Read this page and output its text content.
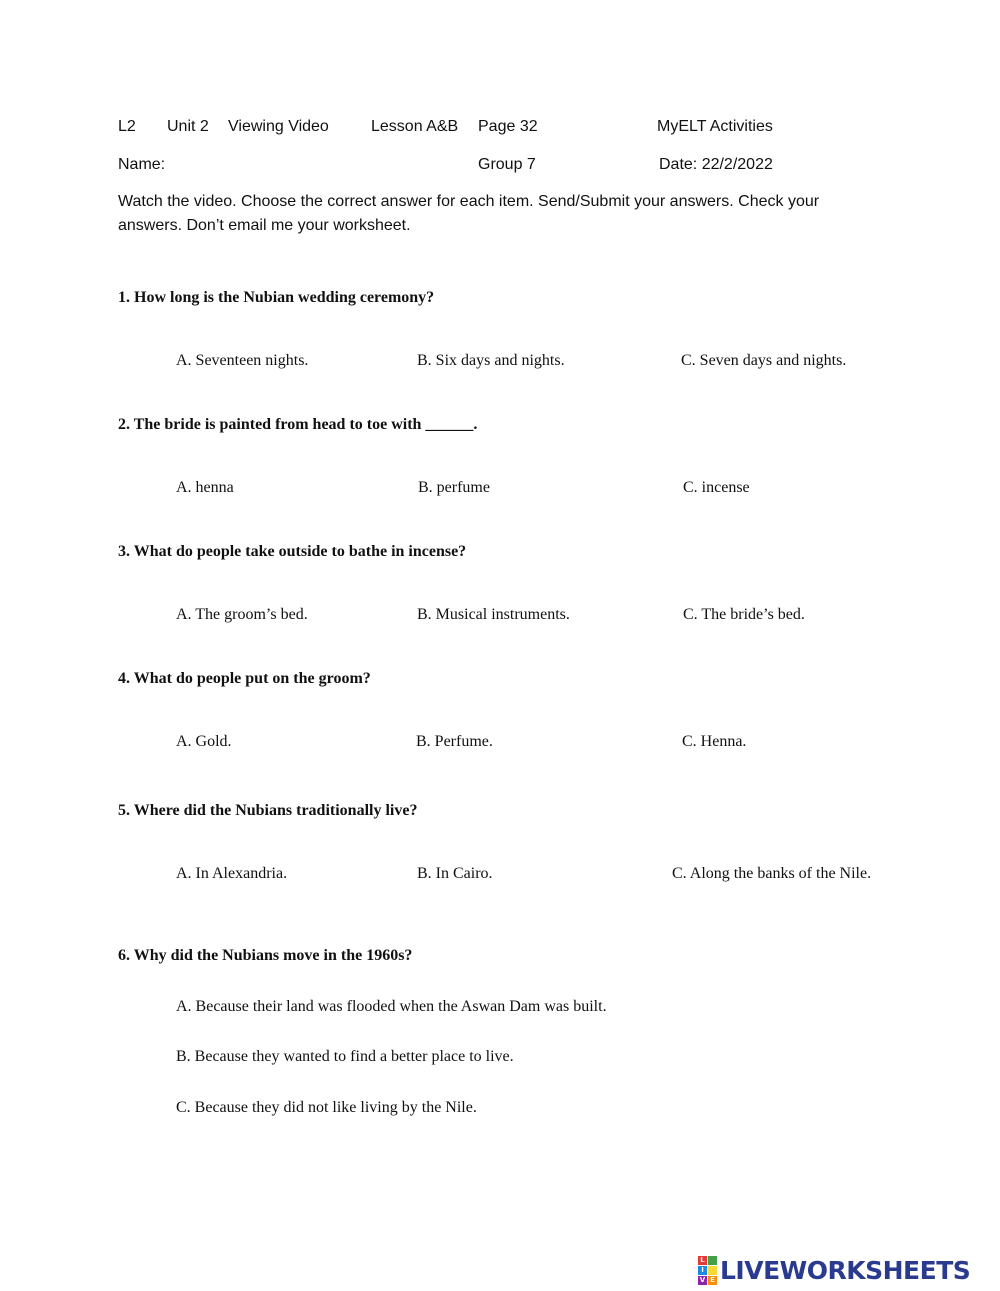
L2 Unit 2 Viewing Video	Lesson A&B Page 32	MyELT Activities
Name:	Group 7	Date: 22/2/2022
Watch the video. Choose the correct answer for each item. Send/Submit your answers. Check your answers. Don’t email me your worksheet.
1. How long is the Nubian wedding ceremony?
A. Seventeen nights.	B. Six days and nights.	C. Seven days and nights.
2. The bride is painted from head to toe with ______.
A. henna	B. perfume	C. incense
3. What do people take outside to bathe in incense?
A. The groom’s bed.	B. Musical instruments.	C. The bride’s bed.
4. What do people put on the groom?
A. Gold.	B. Perfume.	C. Henna.
5. Where did the Nubians traditionally live?
A. In Alexandria.	B. In Cairo.	C. Along the banks of the Nile.
6. Why did the Nubians move in the 1960s?
A. Because their land was flooded when the Aswan Dam was built.
B. Because they wanted to find a better place to live.
C. Because they did not like living by the Nile.
L
I
V E LIVEWORKSHEETS
